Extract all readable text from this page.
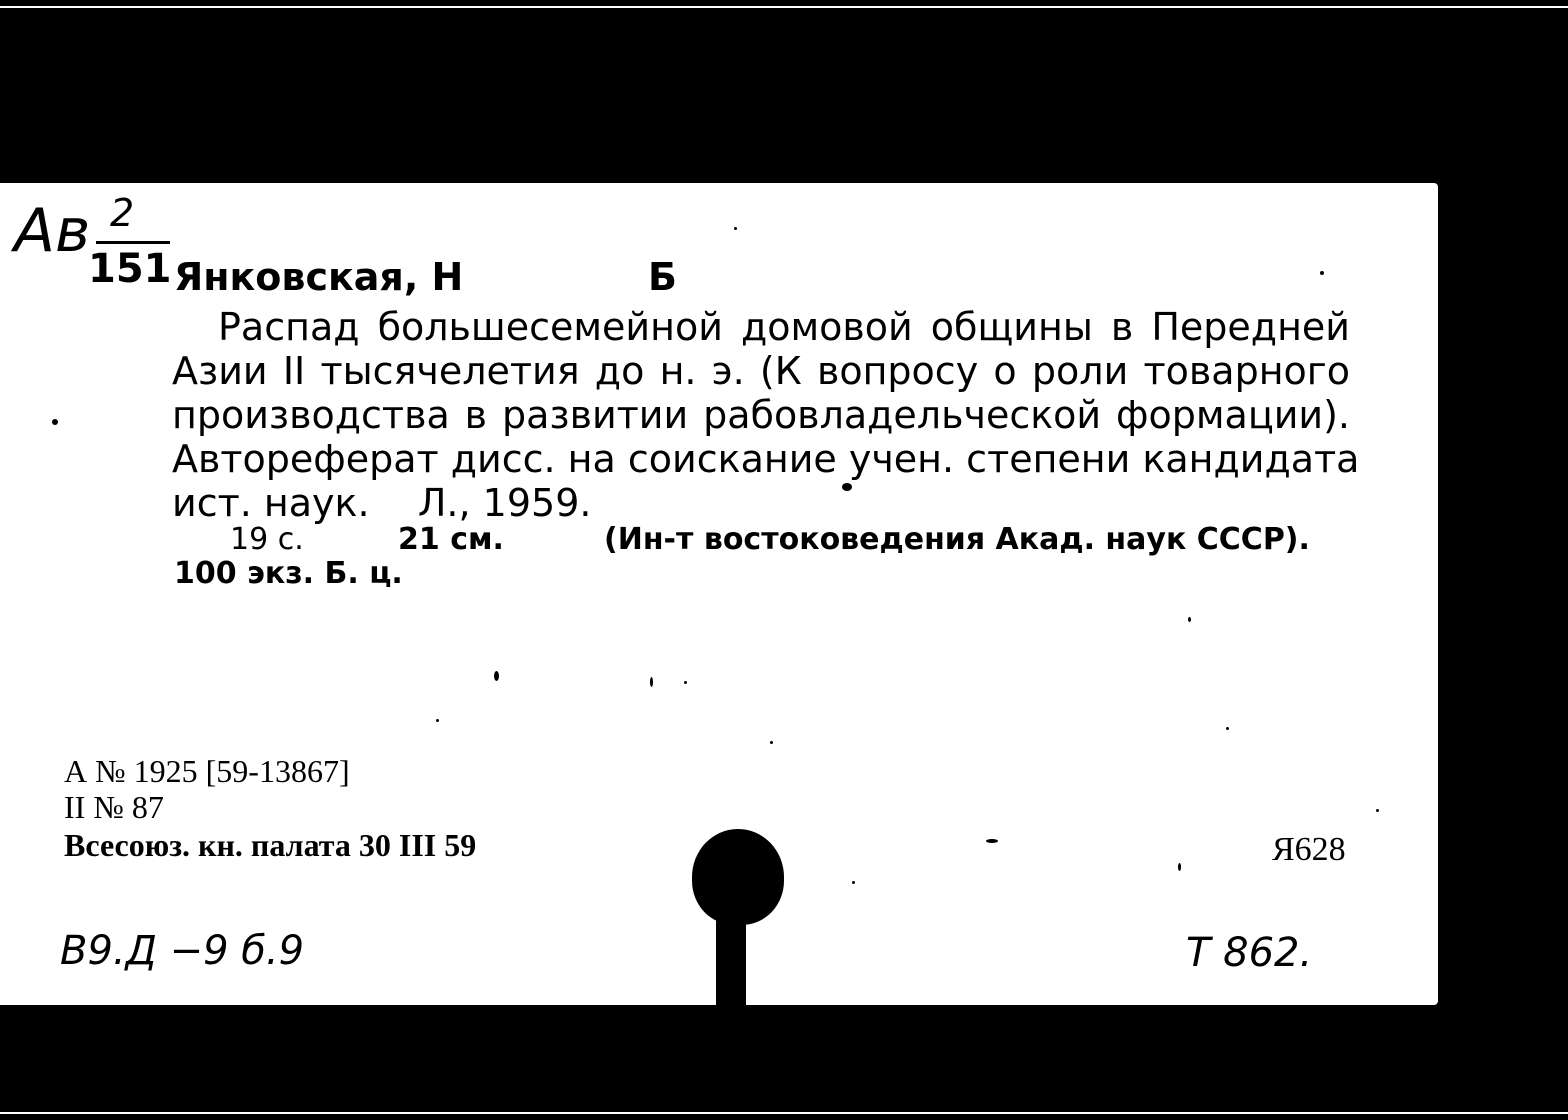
Ав 2
151 Янковская, Н	Б
Распад большесемейной домовой общины в Передней
Азии II тысячелетия до н. э. (К вопросу о роли товарного
производства в развитии рабовладельческой формации).
Автореферат дисс. на соискание учен. степени кандидата
ист. наук.    Л., 1959.
19 с.	21 см.	(Ин-т востоковедения Акад. наук СССР).
100 экз. Б. ц.
А № 1925 [59-13867]
II № 87
Всесоюз. кн. палата 30 III 59	Я628
В9.Д −9 б.9	Т 862.
